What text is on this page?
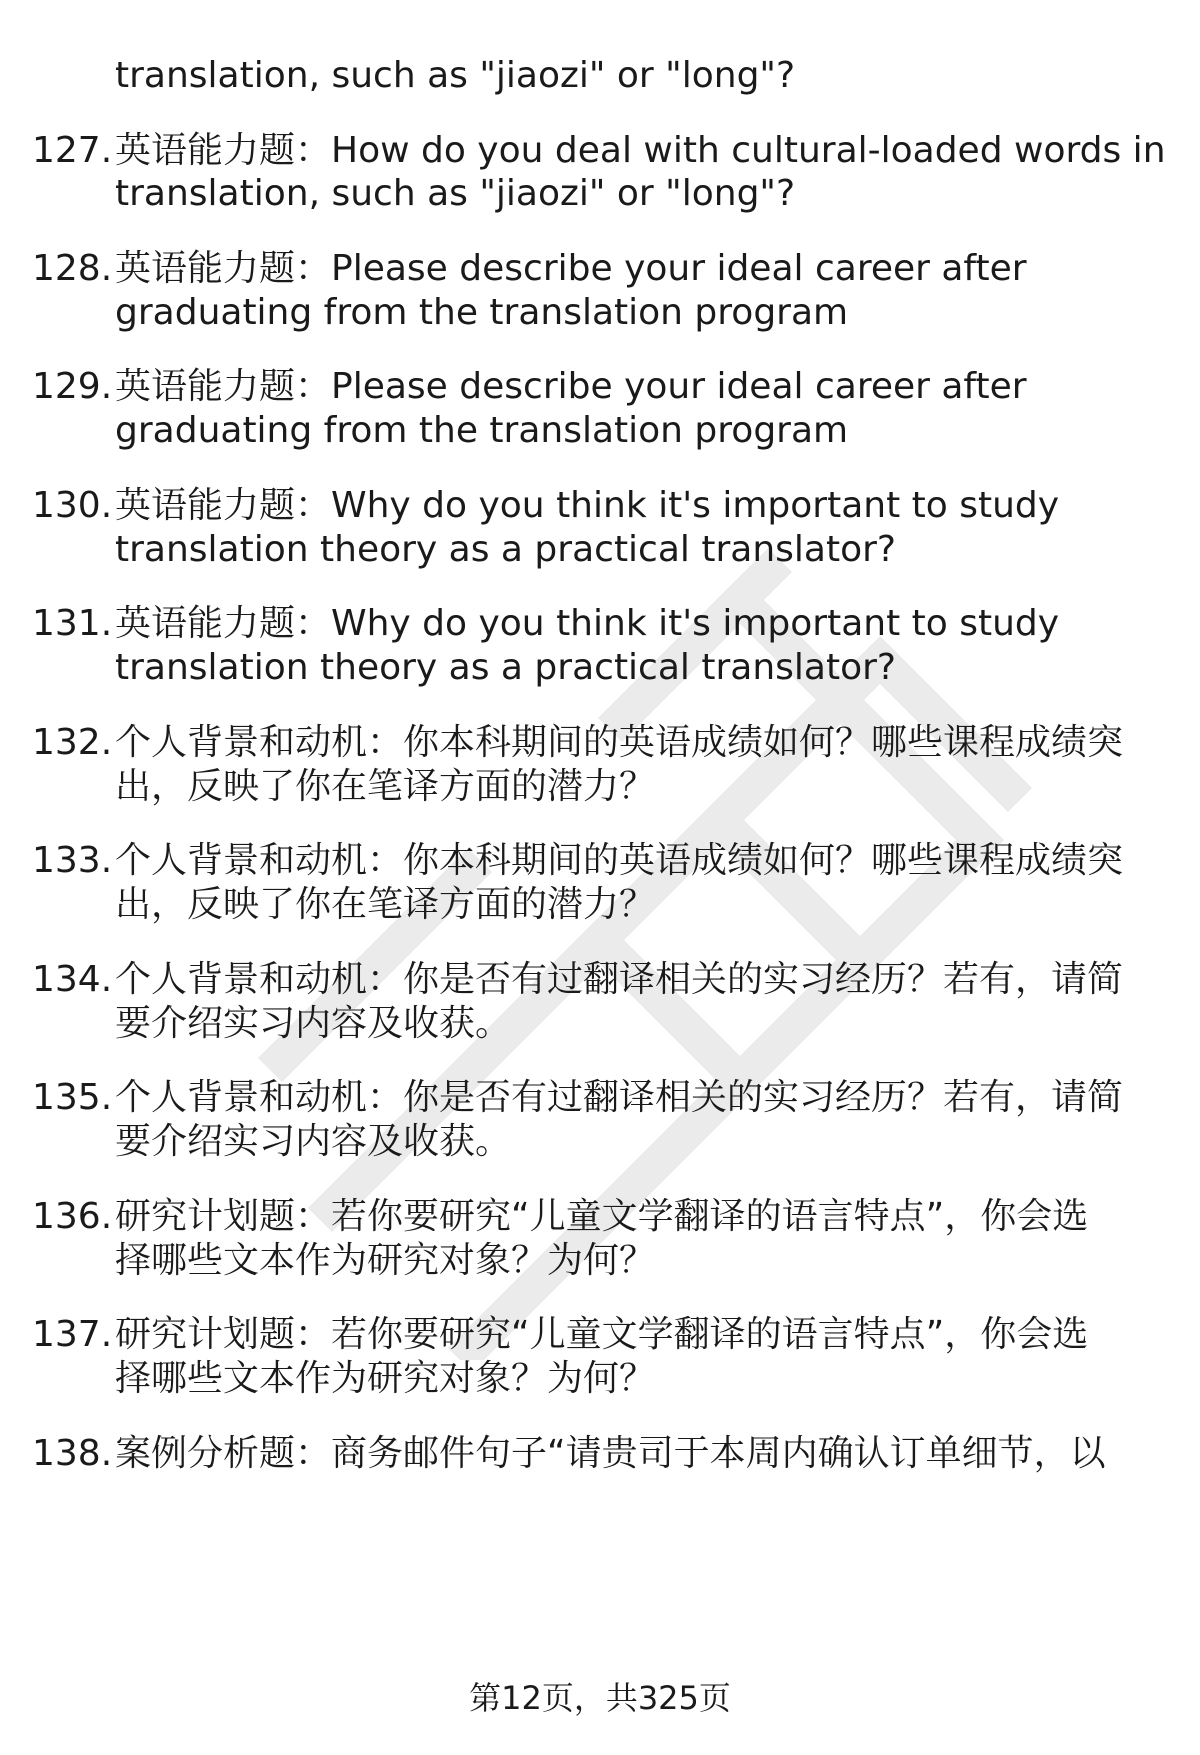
translation, such as "jiaozi" or "long"?
127. 英语能力题：How do you deal with cultural-loaded words in
translation, such as "jiaozi" or "long"?
128. 英语能力题：Please describe your ideal career after
graduating from the translation program
129. 英语能力题：Please describe your ideal career after
graduating from the translation program
130. 英语能力题：Why do you think it's important to study
translation theory as a practical translator?
131. 英语能力题：Why do you think it's important to study
translation theory as a practical translator?
132. 个人背景和动机：你本科期间的英语成绩如何？哪些课程成绩突
出，反映了你在笔译方面的潜力？
133. 个人背景和动机：你本科期间的英语成绩如何？哪些课程成绩突
出，反映了你在笔译方面的潜力？
134. 个人背景和动机：你是否有过翻译相关的实习经历？若有，请简
要介绍实习内容及收获。
135. 个人背景和动机：你是否有过翻译相关的实习经历？若有，请简
要介绍实习内容及收获。
136. 研究计划题：若你要研究“儿童文学翻译的语言特点”，你会选
择哪些文本作为研究对象？为何？
137. 研究计划题：若你要研究“儿童文学翻译的语言特点”，你会选
择哪些文本作为研究对象？为何？
138. 案例分析题：商务邮件句子“请贵司于本周内确认订单细节，以
第12页，共325页
